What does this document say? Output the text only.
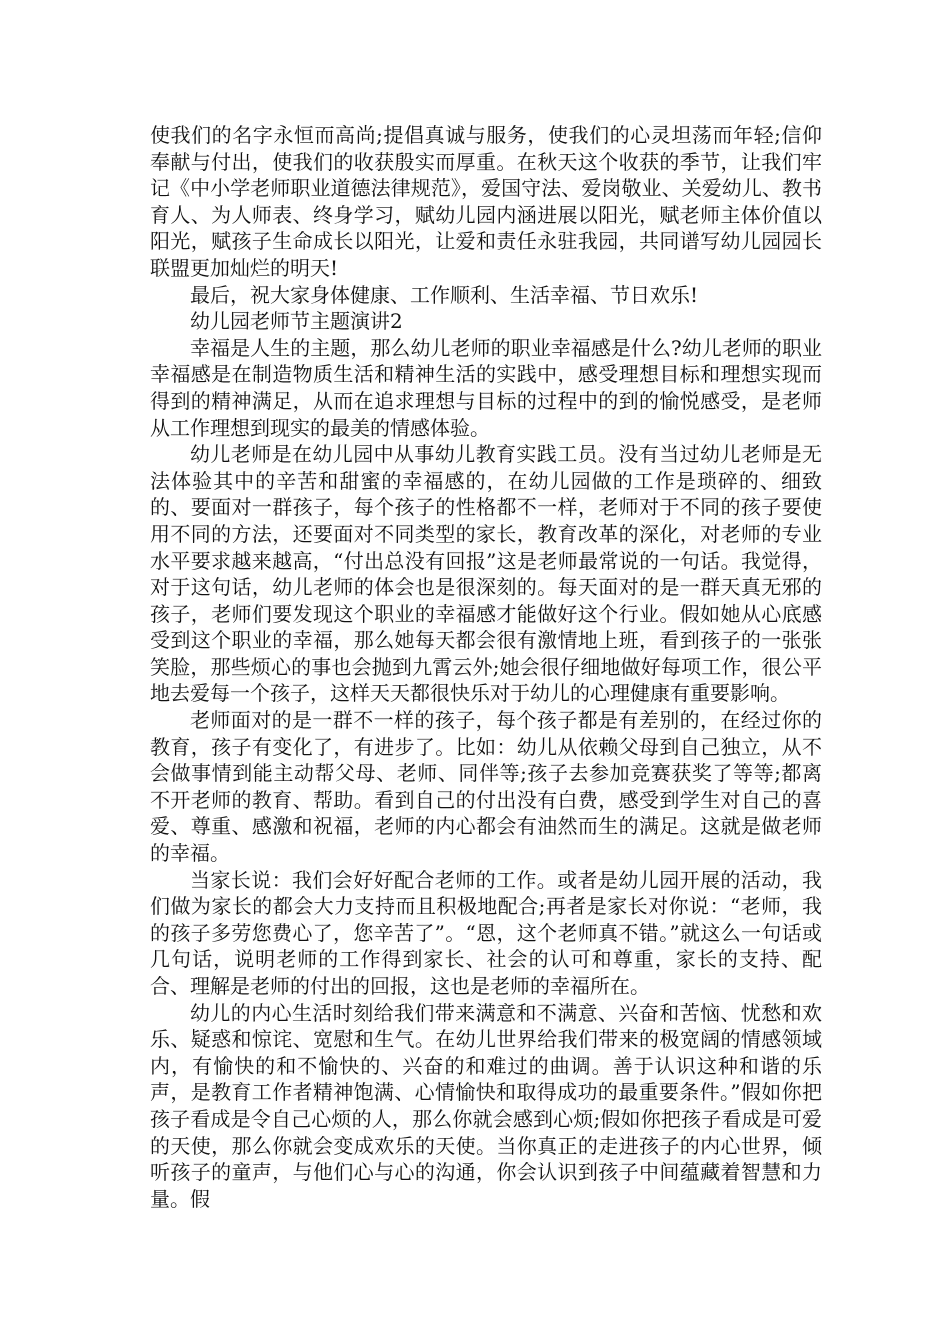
使我们的名字永恒而高尚;提倡真诚与服务，使我们的心灵坦荡而年轻;信仰奉献与付出，使我们的收获殷实而厚重。在秋天这个收获的季节，让我们牢记《中小学老师职业道德法律规范》，爱国守法、爱岗敬业、关爱幼儿、教书育人、为人师表、终身学习，赋幼儿园内涵进展以阳光，赋老师主体价值以阳光，赋孩子生命成长以阳光，让爱和责任永驻我园，共同谱写幼儿园园长联盟更加灿烂的明天!

最后，祝大家身体健康、工作顺利、生活幸福、节日欢乐!

幼儿园老师节主题演讲2

幸福是人生的主题，那么幼儿老师的职业幸福感是什么?幼儿老师的职业幸福感是在制造物质生活和精神生活的实践中，感受理想目标和理想实现而得到的精神满足，从而在追求理想与目标的过程中的到的愉悦感受，是老师从工作理想到现实的最美的情感体验。

幼儿老师是在幼儿园中从事幼儿教育实践工员。没有当过幼儿老师是无法体验其中的辛苦和甜蜜的幸福感的，在幼儿园做的工作是琐碎的、细致的、要面对一群孩子，每个孩子的性格都不一样，老师对于不同的孩子要使用不同的方法，还要面对不同类型的家长，教育改革的深化，对老师的专业水平要求越来越高，“付出总没有回报”这是老师最常说的一句话。我觉得，对于这句话，幼儿老师的体会也是很深刻的。每天面对的是一群天真无邪的孩子，老师们要发现这个职业的幸福感才能做好这个行业。假如她从心底感受到这个职业的幸福，那么她每天都会很有激情地上班，看到孩子的一张张笑脸，那些烦心的事也会抛到九霄云外;她会很仔细地做好每项工作，很公平地去爱每一个孩子，这样天天都很快乐对于幼儿的心理健康有重要影响。

老师面对的是一群不一样的孩子，每个孩子都是有差别的，在经过你的教育，孩子有变化了，有进步了。比如：幼儿从依赖父母到自己独立，从不会做事情到能主动帮父母、老师、同伴等;孩子去参加竞赛获奖了等等;都离不开老师的教育、帮助。看到自己的付出没有白费，感受到学生对自己的喜爱、尊重、感激和祝福，老师的内心都会有油然而生的满足。这就是做老师的幸福。

当家长说：我们会好好配合老师的工作。或者是幼儿园开展的活动，我们做为家长的都会大力支持而且积极地配合;再者是家长对你说：“老师，我的孩子多劳您费心了，您辛苦了”。“恩，这个老师真不错。”就这么一句话或几句话，说明老师的工作得到家长、社会的认可和尊重，家长的支持、配合、理解是老师的付出的回报，这也是老师的幸福所在。

幼儿的内心生活时刻给我们带来满意和不满意、兴奋和苦恼、忧愁和欢乐、疑惑和惊诧、宽慰和生气。在幼儿世界给我们带来的极宽阔的情感领域内，有愉快的和不愉快的、兴奋的和难过的曲调。善于认识这种和谐的乐声，是教育工作者精神饱满、心情愉快和取得成功的最重要条件。”假如你把孩子看成是令自己心烦的人，那么你就会感到心烦;假如你把孩子看成是可爱的天使，那么你就会变成欢乐的天使。当你真正的走进孩子的内心世界，倾听孩子的童声，与他们心与心的沟通，你会认识到孩子中间蕴藏着智慧和力量。假
